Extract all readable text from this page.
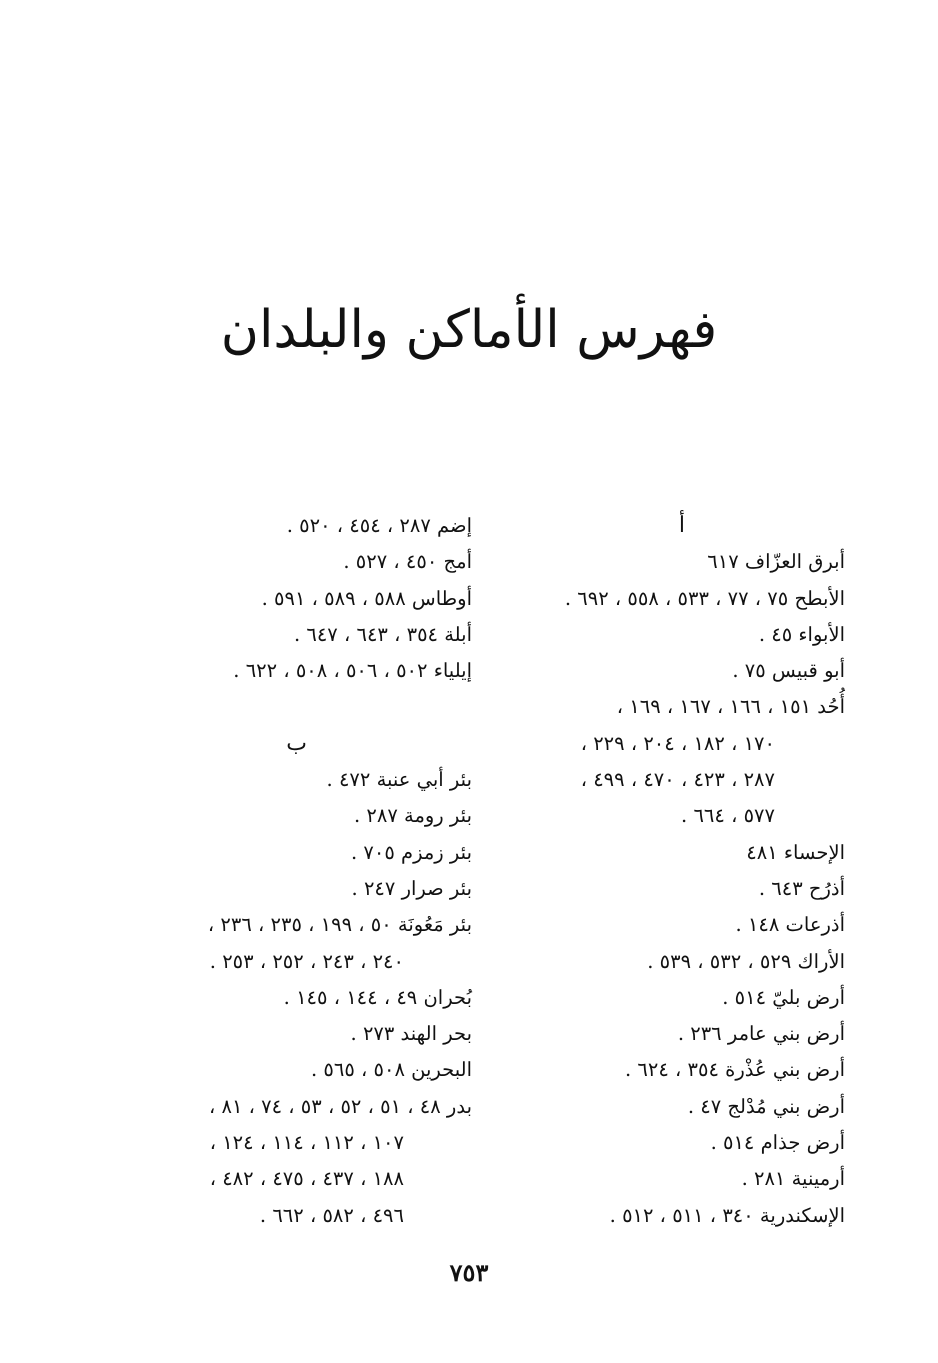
فهرس الأماكن والبلدان
أ
أبرق العزّاف ٦١٧
الأبطح ٧٥ ، ٧٧ ، ٥٣٣ ، ٥٥٨ ، ٦٩٢ .
الأبواء ٤٥ .
أبو قبيس ٧٥ .
أُحُد ١٥١ ، ١٦٦ ، ١٦٧ ، ١٦٩ ،
١٧٠ ، ١٨٢ ، ٢٠٤ ، ٢٢٩ ،
٢٨٧ ، ٤٢٣ ، ٤٧٠ ، ٤٩٩ ،
٥٧٧ ، ٦٦٤ .
الإحساء ٤٨١
أذرُح ٦٤٣ .
أذرعات ١٤٨ .
الأراك ٥٢٩ ، ٥٣٢ ، ٥٣٩ .
أرض بليّ ٥١٤ .
أرض بني عامر ٢٣٦ .
أرض بني عُذْرة ٣٥٤ ، ٦٢٤ .
أرض بني مُدْلج ٤٧ .
أرض جذام ٥١٤ .
أرمينية ٢٨١ .
الإسكندرية ٣٤٠ ، ٥١١ ، ٥١٢ .
إضم ٢٨٧ ، ٤٥٤ ، ٥٢٠ .
أمج ٤٥٠ ، ٥٢٧ .
أوطاس ٥٨٨ ، ٥٨٩ ، ٥٩١ .
أبلة ٣٥٤ ، ٦٤٣ ، ٦٤٧ .
إيلياء ٥٠٢ ، ٥٠٦ ، ٥٠٨ ، ٦٢٢ .
ب
بئر أبي عنبة ٤٧٢ .
بئر رومة ٢٨٧ .
بئر زمزم ٧٠٥ .
بئر صرار ٢٤٧ .
بئر مَعُونَة ٥٠ ، ١٩٩ ، ٢٣٥ ، ٢٣٦ ،
٢٤٠ ، ٢٤٣ ، ٢٥٢ ، ٢٥٣ .
بُحران ٤٩ ، ١٤٤ ، ١٤٥ .
بحر الهند ٢٧٣ .
البحرين ٥٠٨ ، ٥٦٥ .
بدر ٤٨ ، ٥١ ، ٥٢ ، ٥٣ ، ٧٤ ، ٨١ ،
١٠٧ ، ١١٢ ، ١١٤ ، ١٢٤ ،
١٨٨ ، ٤٣٧ ، ٤٧٥ ، ٤٨٢ ،
٤٩٦ ، ٥٨٢ ، ٦٦٢ .
٧٥٣
